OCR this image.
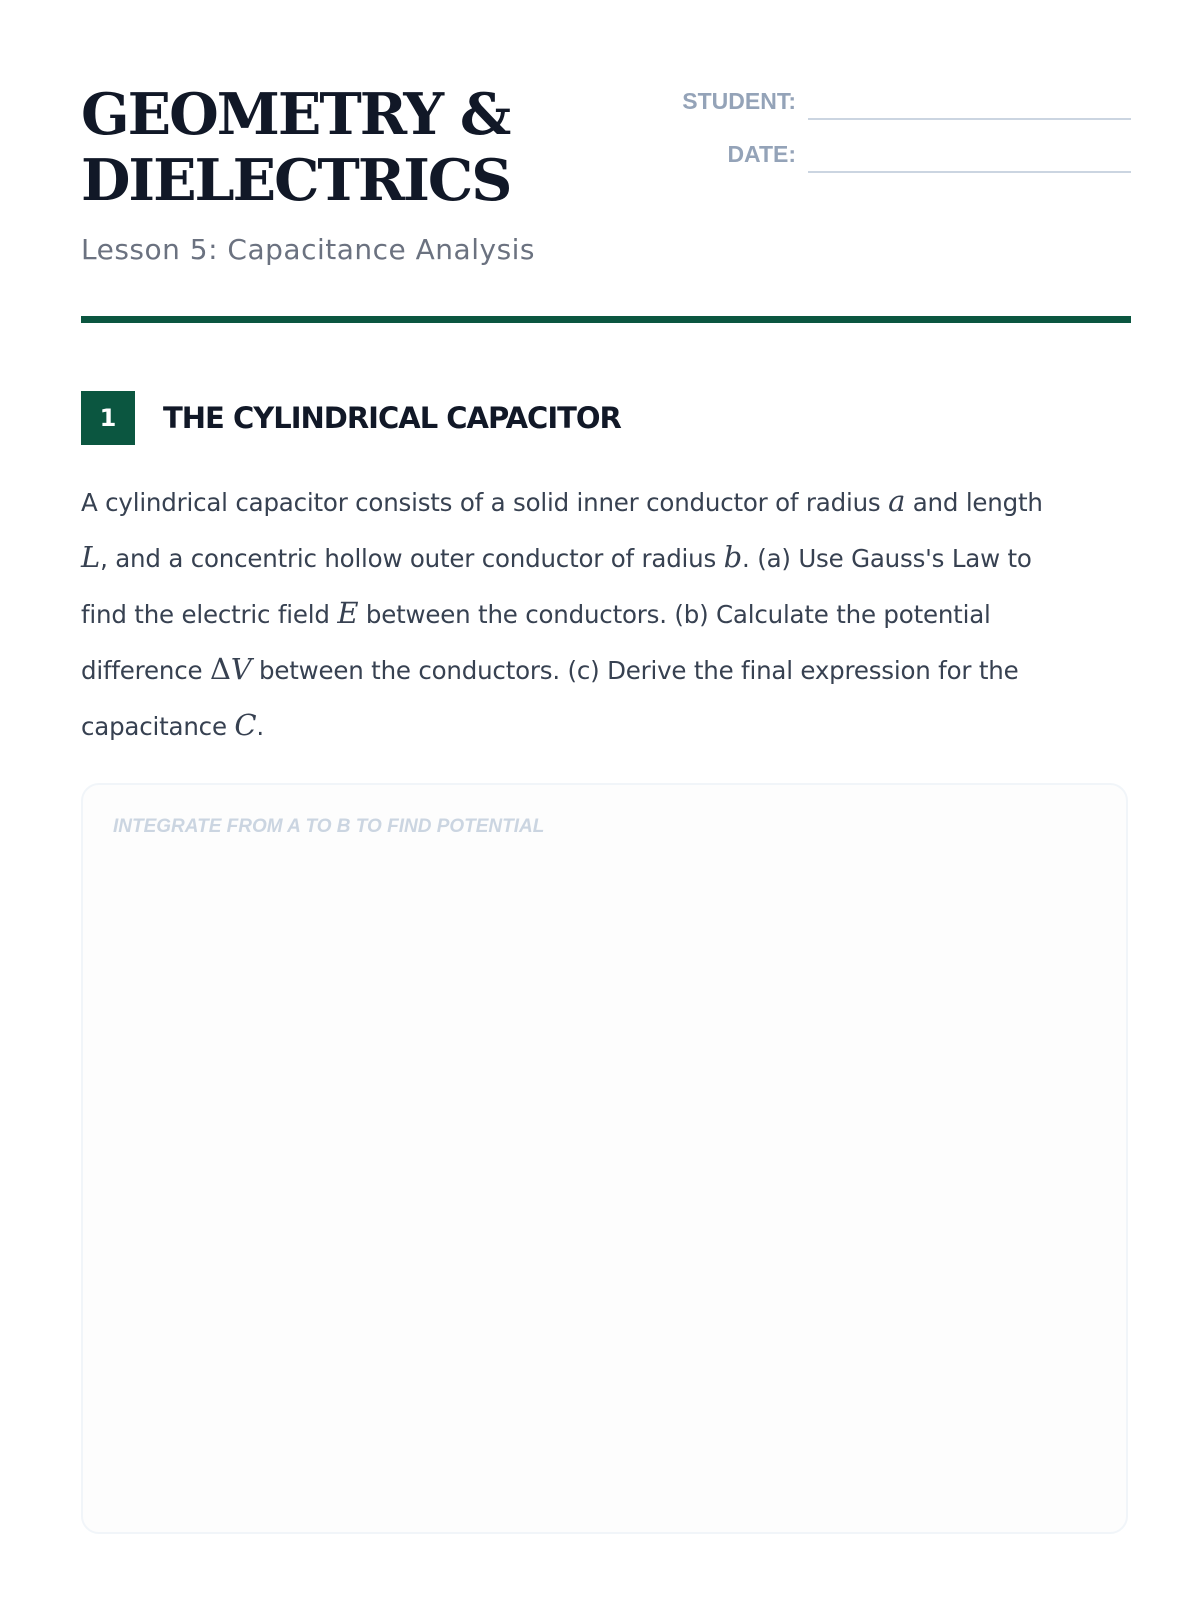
GEOMETRY &
DIELECTRICS

Lesson 5: Capacitance Analysis

STUDENT:
DATE:
1	THE CYLINDRICAL CAPACITOR

A cylindrical capacitor consists of a solid inner conductor of radius a and length
L, and a concentric hollow outer conductor of radius b. (a) Use Gauss's Law to
find the electric field E between the conductors. (b) Calculate the potential
difference ΔV between the conductors. (c) Derive the final expression for the
capacitance C.

INTEGRATE FROM A TO B TO FIND POTENTIAL
